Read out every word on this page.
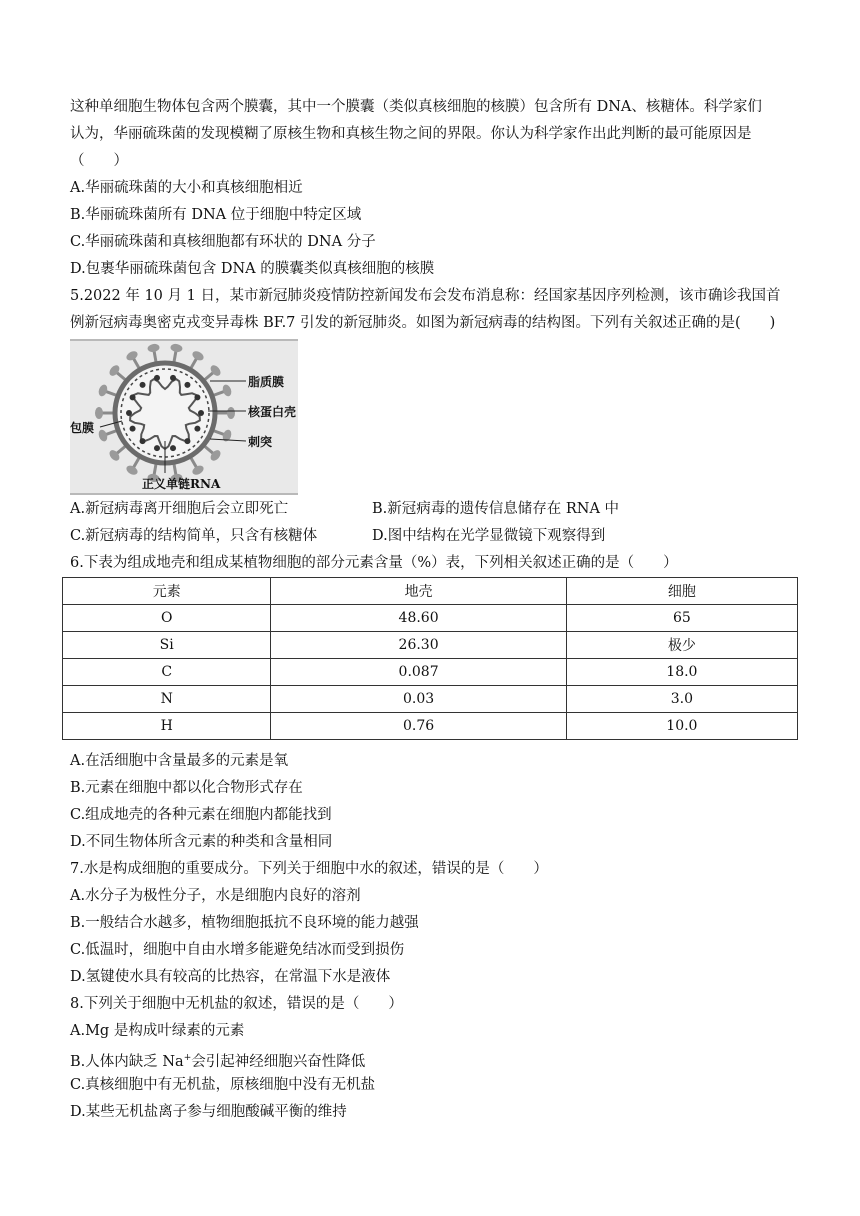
这种单细胞生物体包含两个膜囊，其中一个膜囊（类似真核细胞的核膜）包含所有 DNA、核糖体。科学家们
认为，华丽硫珠菌的发现模糊了原核生物和真核生物之间的界限。你认为科学家作出此判断的最可能原因是
（　　）
A.华丽硫珠菌的大小和真核细胞相近
B.华丽硫珠菌所有 DNA 位于细胞中特定区域
C.华丽硫珠菌和真核细胞都有环状的 DNA 分子
D.包裹华丽硫珠菌包含 DNA 的膜囊类似真核细胞的核膜
5.2022 年 10 月 1 日，某市新冠肺炎疫情防控新闻发布会发布消息称：经国家基因序列检测，该市确诊我国首
例新冠病毒奥密克戎变异毒株 BF.7 引发的新冠肺炎。如图为新冠病毒的结构图。下列有关叙述正确的是(　　)
脂质膜
核蛋白壳
包膜
刺突
正义单链RNA
A.新冠病毒离开细胞后会立即死亡	B.新冠病毒的遗传信息储存在 RNA 中
C.新冠病毒的结构简单，只含有核糖体	D.图中结构在光学显微镜下观察得到
6.下表为组成地壳和组成某植物细胞的部分元素含量（%）表，下列相关叙述正确的是（　　）
元素	地壳	细胞
O	48.60	65
Si	26.30	极少
C	0.087	18.0
N	0.03	3.0
H	0.76	10.0
A.在活细胞中含量最多的元素是氧
B.元素在细胞中都以化合物形式存在
C.组成地壳的各种元素在细胞内都能找到
D.不同生物体所含元素的种类和含量相同
7.水是构成细胞的重要成分。下列关于细胞中水的叙述，错误的是（　　）
A.水分子为极性分子，水是细胞内良好的溶剂
B.一般结合水越多，植物细胞抵抗不良环境的能力越强
C.低温时，细胞中自由水增多能避免结冰而受到损伤
D.氢键使水具有较高的比热容，在常温下水是液体
8.下列关于细胞中无机盐的叙述，错误的是（　　）
A.Mg 是构成叶绿素的元素
B.人体内缺乏 Na+会引起神经细胞兴奋性降低
C.真核细胞中有无机盐，原核细胞中没有无机盐
D.某些无机盐离子参与细胞酸碱平衡的维持
